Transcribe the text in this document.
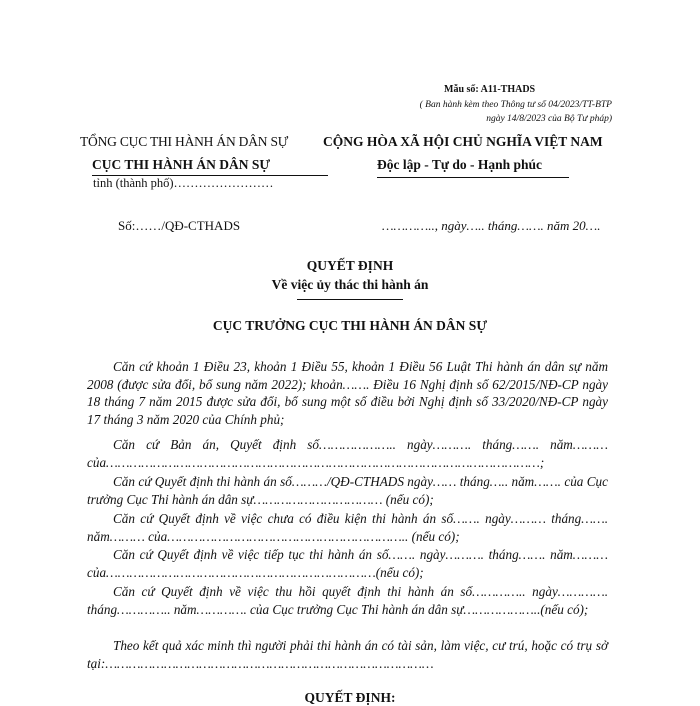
Mẫu số: A11-THADS
( Ban hành kèm theo Thông tư số 04/2023/TT-BTP
ngày 14/8/2023 của Bộ Tư pháp)
TỔNG CỤC THI HÀNH ÁN DÂN SỰ
CỤC THI HÀNH ÁN DÂN SỰ
tỉnh (thành phố)……………………
CỘNG HÒA XÃ HỘI CHỦ NGHĨA VIỆT NAM
Độc lập - Tự do - Hạnh phúc
Số:……/QĐ-CTHADS	………….., ngày….. tháng……. năm 20….
QUYẾT ĐỊNH
Về việc ủy thác thi hành án
CỤC TRƯỞNG CỤC THI HÀNH ÁN DÂN SỰ

Căn cứ khoản 1 Điều 23, khoản 1 Điều 55, khoản 1 Điều 56 Luật Thi hành án dân sự năm 2008 (được sửa đổi, bổ sung năm 2022); khoản……. Điều 16 Nghị định số 62/2015/NĐ-CP ngày 18 tháng 7 năm 2015 được sửa đổi, bổ sung một số điều bởi Nghị định số 33/2020/NĐ-CP ngày 17 tháng 3 năm 2020 của Chính phủ;

Căn cứ Bản án, Quyết định số……………….. ngày………. tháng……. năm……… của…………………………………………………………………………………………………;

Căn cứ Quyết định thi hành án số………/QĐ-CTHADS ngày…… tháng….. năm……. của Cục trưởng Cục Thi hành án dân sự…………………………… (nếu có);

Căn cứ Quyết định về việc chưa có điều kiện thi hành án số……. ngày……… tháng……. năm……… của…………………………………………………….. (nếu có);

Căn cứ Quyết định về việc tiếp tục thi hành án số……. ngày………. tháng……. năm……… của……………………………………………………………(nếu có);

Căn cứ Quyết định về việc thu hồi quyết định thi hành án số………….. ngày…………. tháng………….. năm…………. của Cục trưởng Cục Thi hành án dân sự………………..(nếu có);

Theo kết quả xác minh thì người phải thi hành án có tài sản, làm việc, cư trú, hoặc có trụ sở tại:…………………………………………………………………………

QUYẾT ĐỊNH:
